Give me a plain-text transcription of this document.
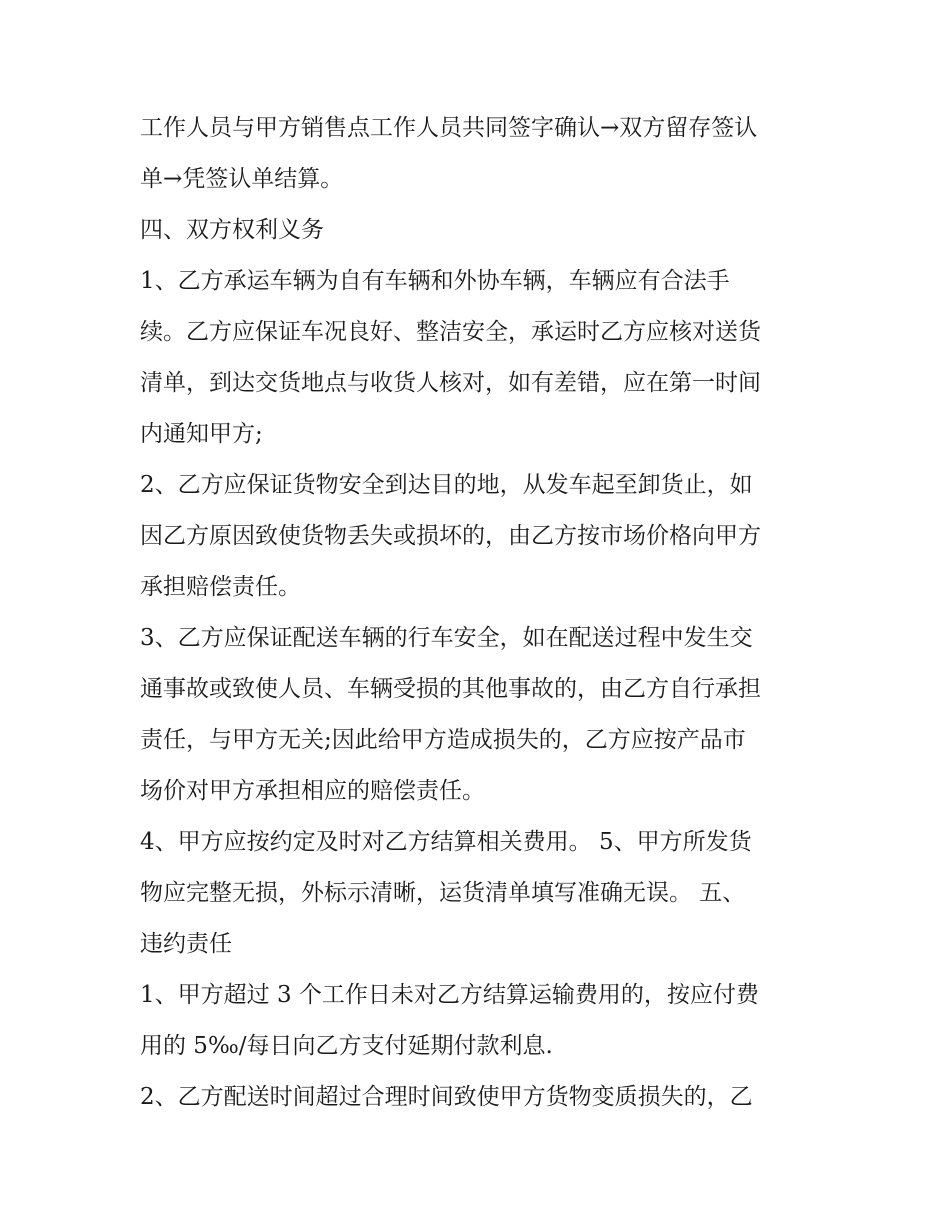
工作人员与甲方销售点工作人员共同签字确认→双方留存签认
单→凭签认单结算。
四、双方权利义务
1、乙方承运车辆为自有车辆和外协车辆，车辆应有合法手
续。乙方应保证车况良好、整洁安全，承运时乙方应核对送货
清单，到达交货地点与收货人核对，如有差错，应在第一时间
内通知甲方;
2、乙方应保证货物安全到达目的地，从发车起至卸货止，如
因乙方原因致使货物丢失或损坏的，由乙方按市场价格向甲方
承担赔偿责任。
3、乙方应保证配送车辆的行车安全，如在配送过程中发生交
通事故或致使人员、车辆受损的其他事故的，由乙方自行承担
责任，与甲方无关;因此给甲方造成损失的，乙方应按产品市
场价对甲方承担相应的赔偿责任。
4、甲方应按约定及时对乙方结算相关费用。 5、甲方所发货
物应完整无损，外标示清晰，运货清单填写准确无误。 五、
违约责任
1、甲方超过 3 个工作日未对乙方结算运输费用的，按应付费
用的 5‰/每日向乙方支付延期付款利息.
2、乙方配送时间超过合理时间致使甲方货物变质损失的，乙
